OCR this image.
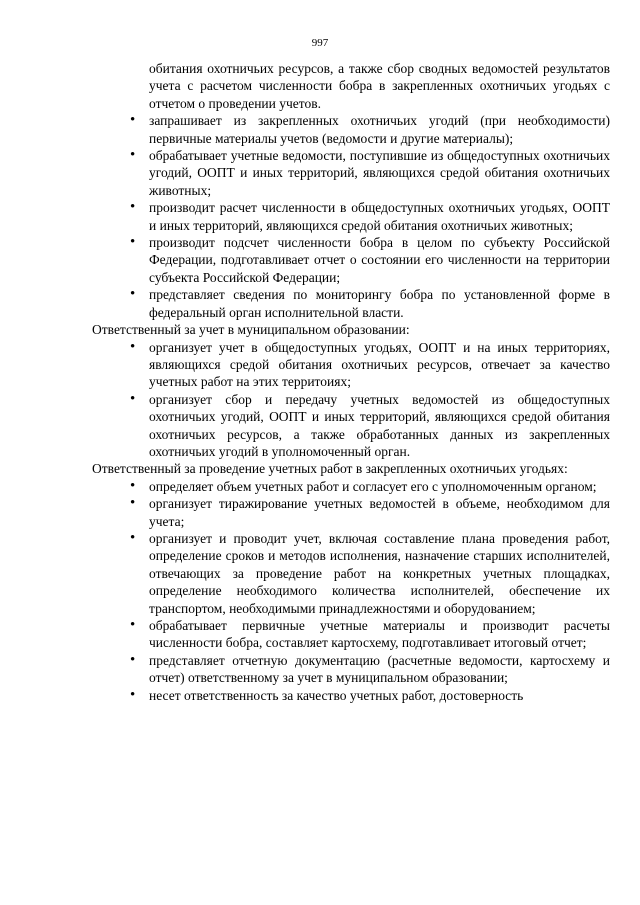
997

обитания охотничьих ресурсов, а также сбор сводных ведомостей результатов учета с расчетом численности бобра в закрепленных охотничьих угодьях с отчетом о проведении учетов.

• запрашивает из закрепленных охотничьих угодий (при необходимости) первичные материалы учетов (ведомости и другие материалы);
• обрабатывает учетные ведомости, поступившие из общедоступных охотничьих угодий, ООПТ и иных территорий, являющихся средой обитания охотничьих животных;
• производит расчет численности в общедоступных охотничьих угодьях, ООПТ и иных территорий, являющихся средой обитания охотничьих животных;
• производит подсчет численности бобра в целом по субъекту Российской Федерации, подготавливает отчет о состоянии его численности на территории субъекта Российской Федерации;
• представляет сведения по мониторингу бобра по установленной форме в федеральный орган исполнительной власти.

Ответственный за учет в муниципальном образовании:

• организует учет в общедоступных угодьях, ООПТ и на иных территориях, являющихся средой обитания охотничьих ресурсов, отвечает за качество учетных работ на этих территоиях;
• организует сбор и передачу учетных ведомостей из общедоступных охотничьих угодий, ООПТ и иных территорий, являющихся средой обитания охотничьих ресурсов, а также обработанных данных из закрепленных охотничьих угодий в уполномоченный орган.

Ответственный за проведение учетных работ в закрепленных охотничьих угодьях:

• определяет объем учетных работ и согласует его с уполномоченным органом;
• организует тиражирование учетных ведомостей в объеме, необходимом для учета;
• организует и проводит учет, включая составление плана проведения работ, определение сроков и методов исполнения, назначение старших исполнителей, отвечающих за проведение работ на конкретных учетных площадках, определение необходимого количества исполнителей, обеспечение их транспортом, необходимыми принадлежностями и оборудованием;
• обрабатывает первичные учетные материалы и производит расчеты численности бобра, составляет картосхему, подготавливает итоговый отчет;
• представляет отчетную документацию (расчетные ведомости, картосхему и отчет) ответственному за учет в муниципальном образовании;
• несет ответственность за качество учетных работ, достоверность
